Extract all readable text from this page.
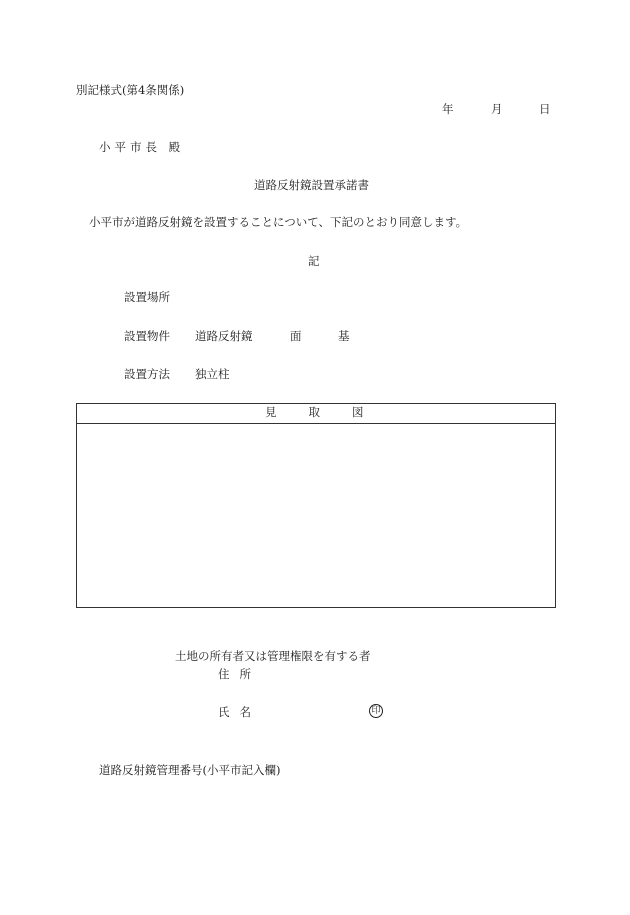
別記様式(第4条関係)
年	月	日
小平市長 殿
道路反射鏡設置承諾書
小平市が道路反射鏡を設置することについて、下記のとおり同意します。
記
設置場所
設置物件 道路反射鏡	面	基
設置方法 独立柱
見取図
土地の所有者又は管理権限を有する者
住所
氏名	印
道路反射鏡管理番号(小平市記入欄)
